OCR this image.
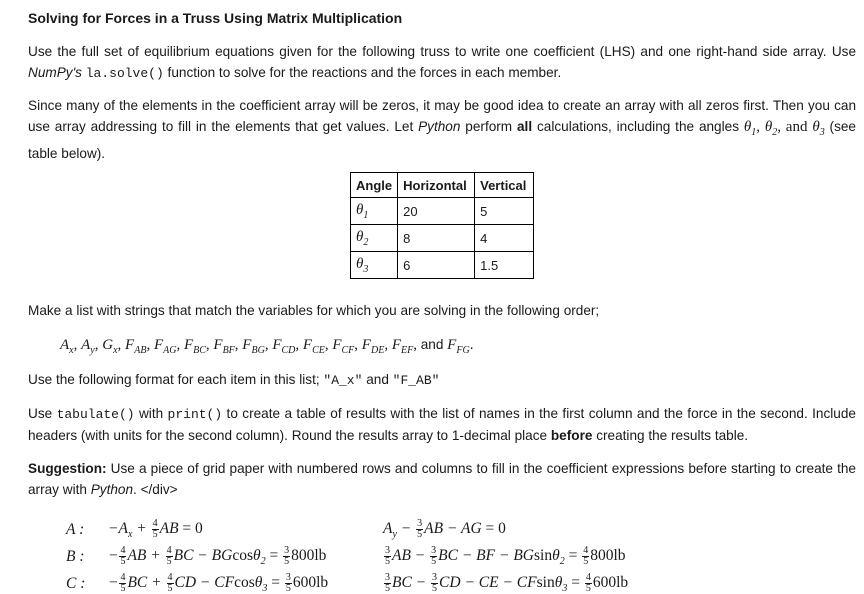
Solving for Forces in a Truss Using Matrix Multiplication

Use the full set of equilibrium equations given for the following truss to write one coefficient (LHS) and one right-hand side array. Use NumPy's la.solve() function to solve for the reactions and the forces in each member.

Since many of the elements in the coefficient array will be zeros, it may be good idea to create an array with all zeros first. Then you can use array addressing to fill in the elements that get values. Let Python perform all calculations, including the angles $\theta_1$, $\theta_2$, and $\theta_3$ (see table below).

Angle	Horizontal	Vertical
$\theta_1$	20	5
$\theta_2$	8	4
$\theta_3$	6	1.5

Make a list with strings that match the variables for which you are solving in the following order;

$A_x$, $A_y$, $G_x$, $F_{AB}$, $F_{AG}$, $F_{BC}$, $F_{BF}$, $F_{BG}$, $F_{CD}$, $F_{CE}$, $F_{CF}$, $F_{DE}$, $F_{EF}$, and $F_{FG}$.

Use the following format for each item in this list; "A_x" and "F_AB"

Use tabulate() with print() to create a table of results with the list of names in the first column and the force in the second. Include headers (with units for the second column). Round the results array to 1-decimal place before creating the results table.

Suggestion: Use a piece of grid paper with numbered rows and columns to fill in the coefficient expressions before starting to create the array with Python. </div>

A : $-A_x + \frac{4}{5}$ AB = 0	$A_y - \frac{3}{5}$ AB − AG = 0
B : − $\frac{4}{5}$ AB + $\frac{4}{5}$ BC − $BGcos\theta_2 = \frac{3}{5} 800lb$	$\frac{3}{5}$ AB − $\frac{3}{5}$ BC − BF − $BGsin\theta_2 = \frac{4}{5} 800lb$
C : − $\frac{4}{5}$ BC + $\frac{4}{5}$ CD − $CFcos\theta_3 = \frac{3}{5} 600lb$	$\frac{3}{5}$ BC − $\frac{3}{5}$ CD − CE − $CFsin\theta_3 = \frac{4}{5} 600lb$
